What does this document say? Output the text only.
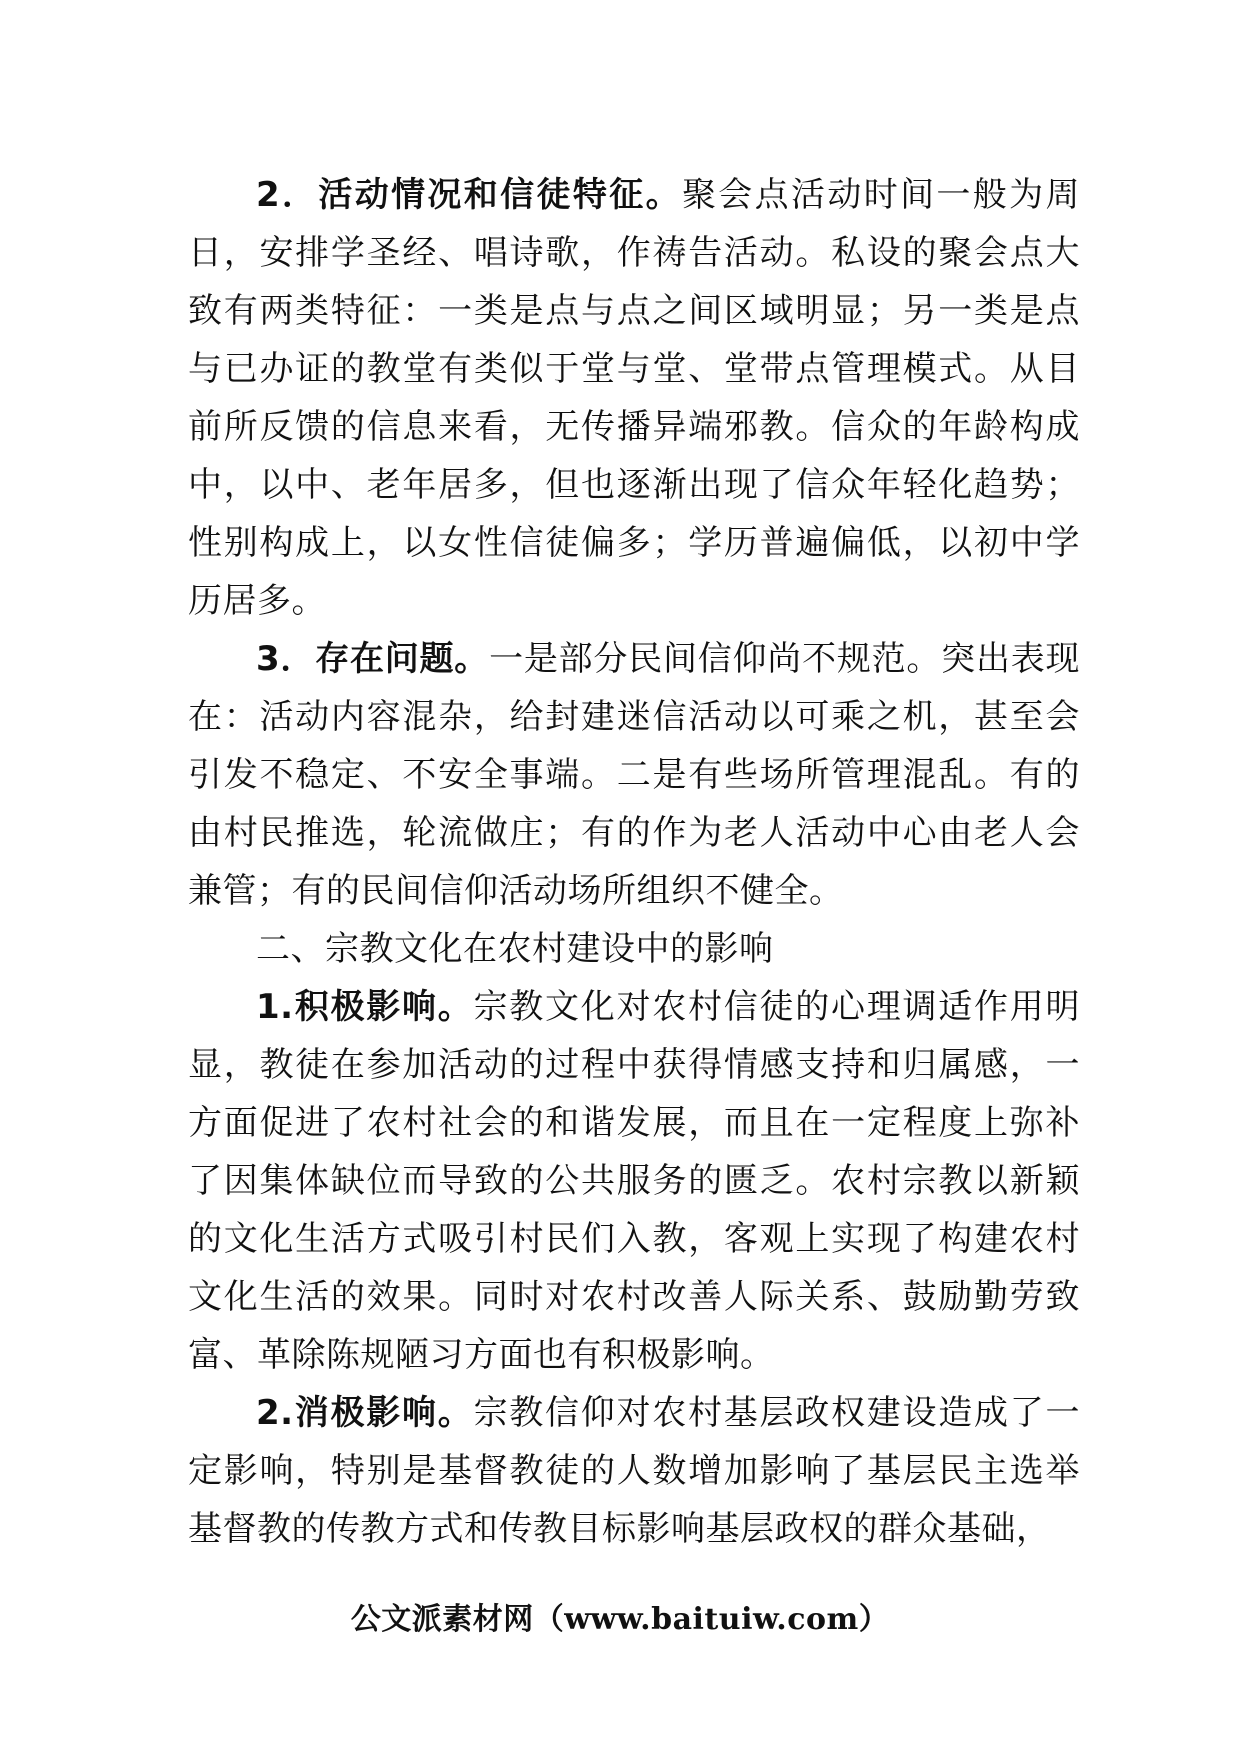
2．活动情况和信徒特征。聚会点活动时间一般为周日，安排学圣经、唱诗歌，作祷告活动。私设的聚会点大致有两类特征：一类是点与点之间区域明显；另一类是点与已办证的教堂有类似于堂与堂、堂带点管理模式。从目前所反馈的信息来看，无传播异端邪教。信众的年龄构成中，以中、老年居多，但也逐渐出现了信众年轻化趋势；性别构成上，以女性信徒偏多；学历普遍偏低，以初中学历居多。

3．存在问题。一是部分民间信仰尚不规范。突出表现在：活动内容混杂，给封建迷信活动以可乘之机，甚至会引发不稳定、不安全事端。二是有些场所管理混乱。有的由村民推选，轮流做庄；有的作为老人活动中心由老人会兼管；有的民间信仰活动场所组织不健全。

二、宗教文化在农村建设中的影响

1.积极影响。宗教文化对农村信徒的心理调适作用明显，教徒在参加活动的过程中获得情感支持和归属感，一方面促进了农村社会的和谐发展，而且在一定程度上弥补了因集体缺位而导致的公共服务的匮乏。农村宗教以新颖的文化生活方式吸引村民们入教，客观上实现了构建农村文化生活的效果。同时对农村改善人际关系、鼓励勤劳致富、革除陈规陋习方面也有积极影响。

2.消极影响。宗教信仰对农村基层政权建设造成了一定影响，特别是基督教徒的人数增加影响了基层民主选举基督教的传教方式和传教目标影响基层政权的群众基础，

公文派素材网（www.baituiw.com）
